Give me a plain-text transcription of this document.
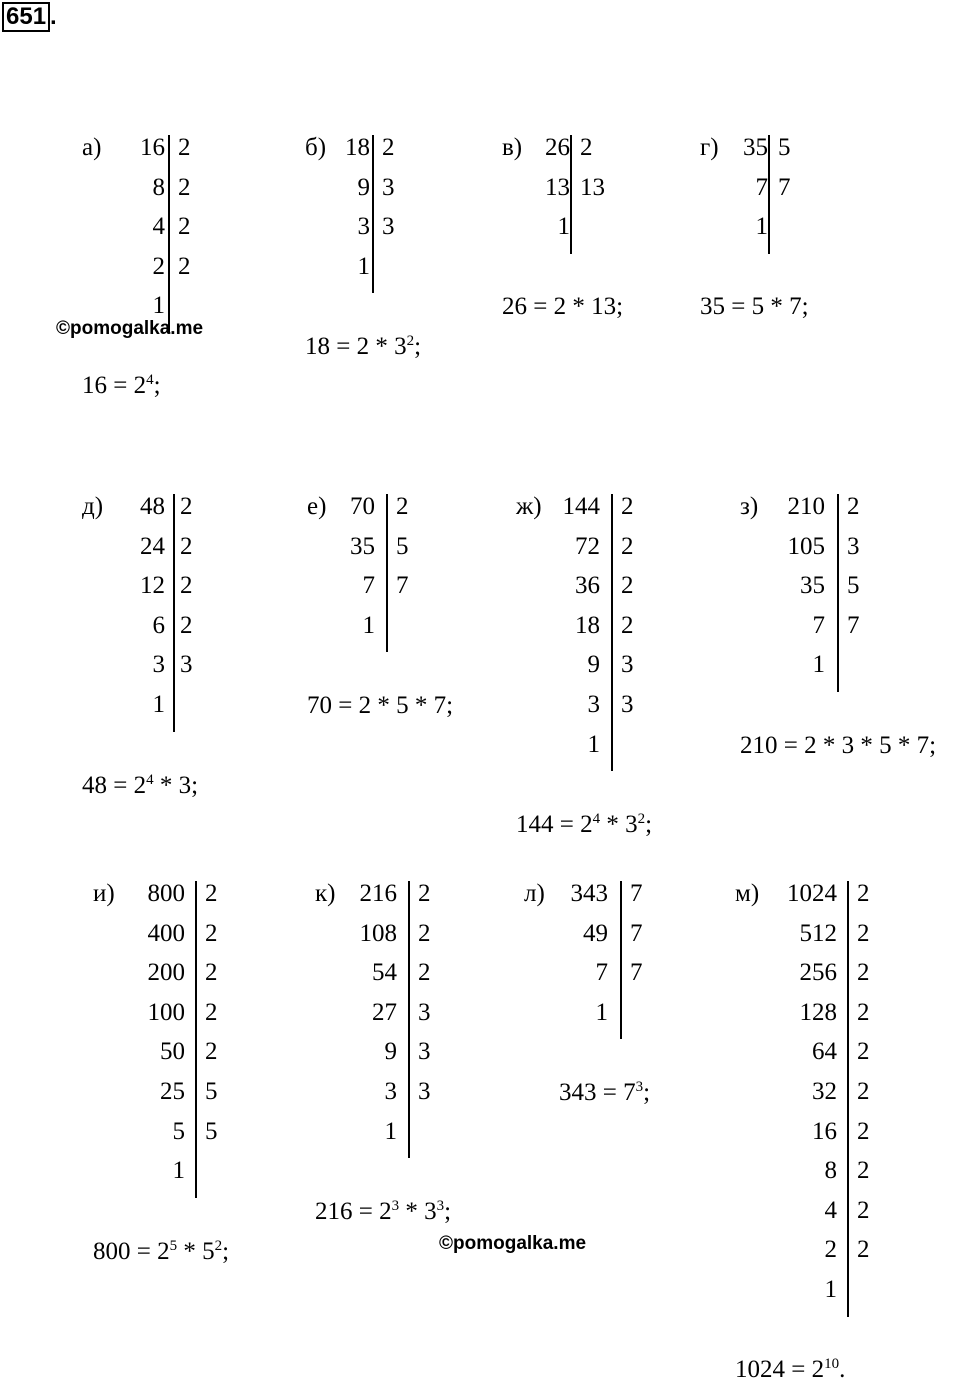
651 .
а)	16 2
8 2
4 2
2 2
1
$16 = 2^4$;
б) 18 2
9 3
3 3
1
$18 = 2 * 3^2$;
в) 26 2
13 13
1
26 = 2 * 13;
г) 35 5
7 7
1
35 = 5 * 7;
д)	48 2
24 2
12 2
6 2
3 3
1
$48 = 2^4 * 3$;
е) 70 2
35 5
7 7
1
70 = 2 * 5 * 7;
ж) 144 2
72 2
36 2
18 2
9 3
3 3
1
$144 = 2^4 * 3^2$;
з)	210 2
105 3
35 5
7 7
1
210 = 2 * 3 * 5 * 7;
и)	800 2
400 2
200 2
100 2
50 2
25 5
5 5
1
$800 = 2^5 * 5^2$;
к) 216 2
108 2
54 2
27 3
9 3
3 3
1
$216 = 2^3 * 3^3$;
л)	343 7
49 7
7 7
1
$343 = 7^3$;
м) 1024 2
512 2
256 2
128 2
64 2
32 2
16 2
8 2
4 2
2 2
1
$1024 = 2^{10}$.
©pomogalka.me
©pomogalka.me
